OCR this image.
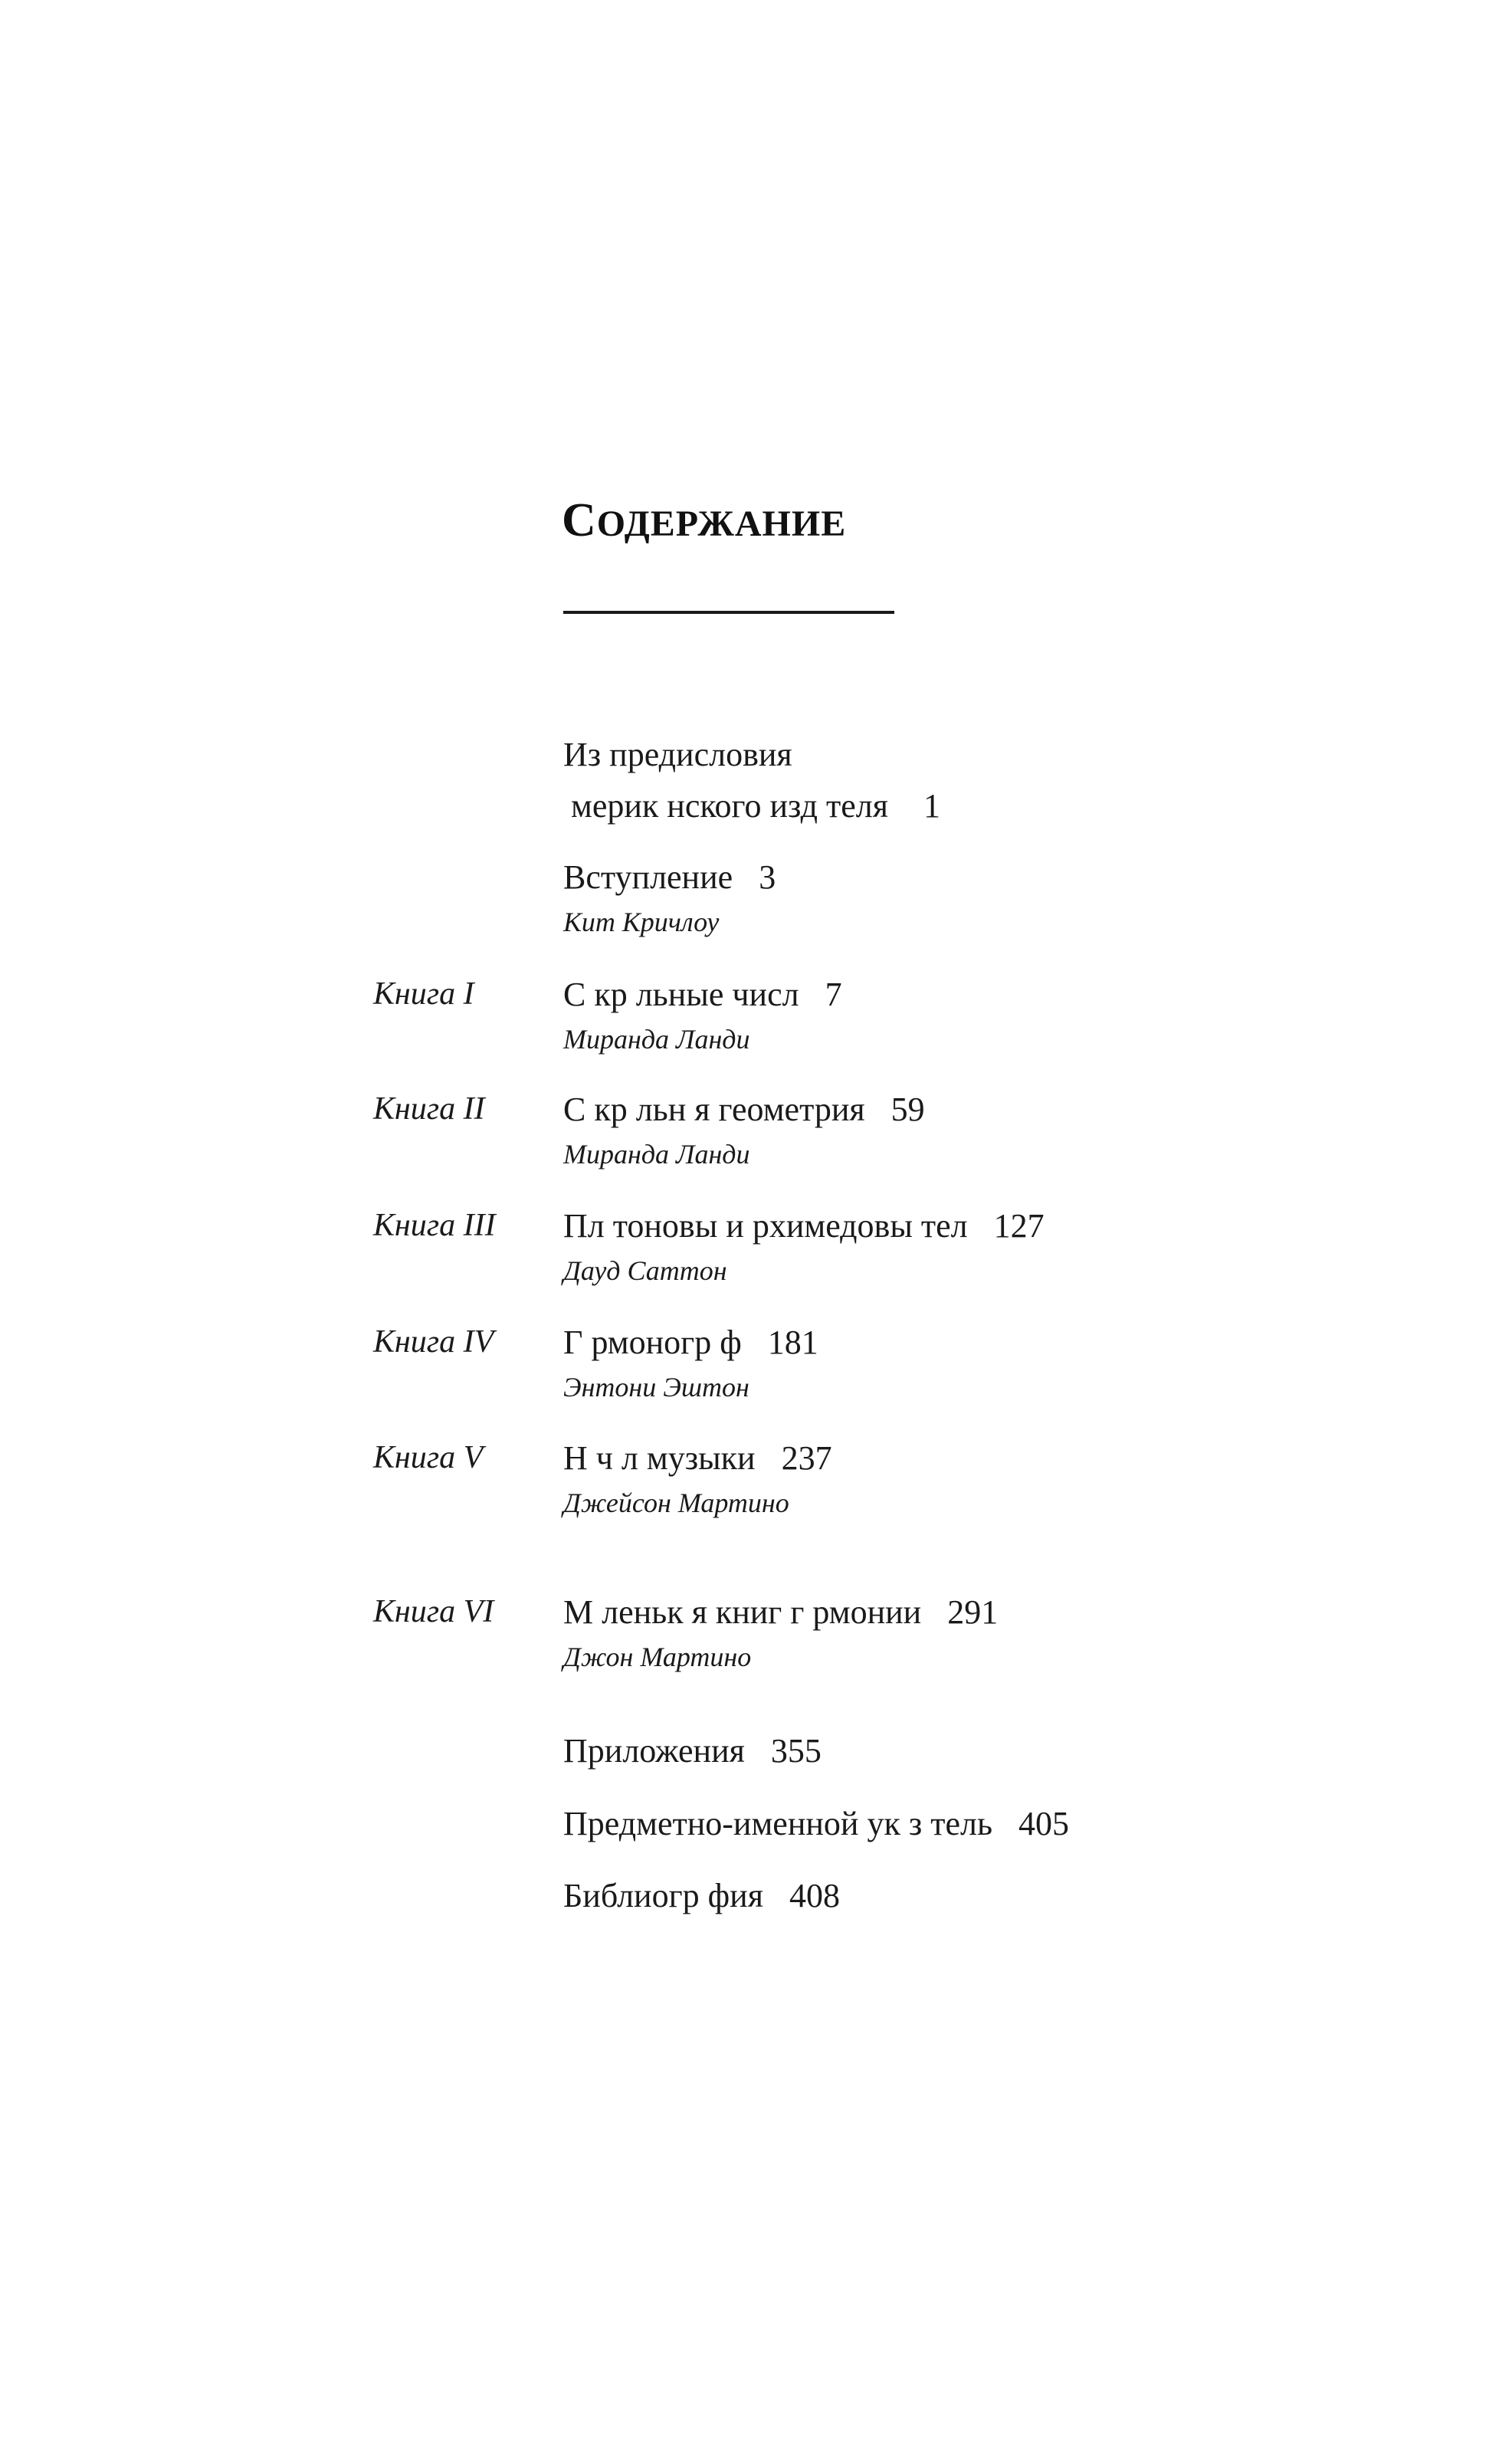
СОДЕРЖАНИЕ
Из предисловия
мерик нского изд теля 1
Вступление 3
Кит Кричлоу
Книга I	С кр льные числ 7
Миранда Ланди
Книга II С кр льн я геометрия 59
Миранда Ланди
Книга III Пл тоновы и рхимедовы тел 127
Дауд Саттон
Книга IV Г рмоногр ф 181
Энтони Эштон
Книга V Н ч л музыки 237
Джейсон Мартино
Книга VI М леньк я книг г рмонии 291
Джон Мартино
Приложения 355
Предметно-именной ук з тель 405
Библиогр фия 408
